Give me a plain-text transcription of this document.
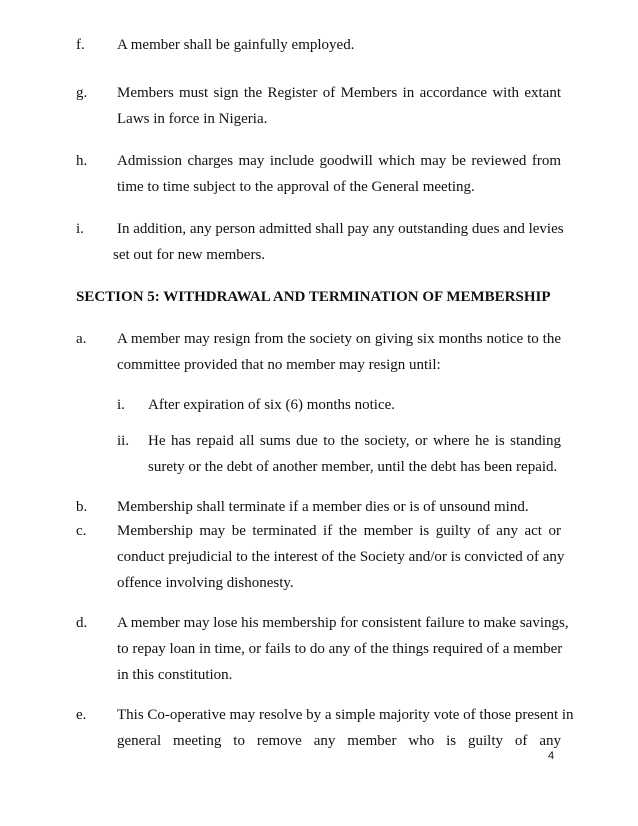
f. A member shall be gainfully employed.
g. Members must sign the Register of Members in accordance with extant
Laws in force in Nigeria.
h. Admission charges may include goodwill which may be reviewed from
time to time subject to the approval of the General meeting.
i. In addition, any person admitted shall pay any outstanding dues and levies
set out for new members.
SECTION 5: WITHDRAWAL AND TERMINATION OF MEMBERSHIP
a. A member may resign from the society on giving six months notice to the
committee provided that no member may resign until:
i. After expiration of six (6) months notice.
ii. He has repaid all sums due to the society, or where he is standing
surety or the debt of another member, until the debt has been repaid.
b. Membership shall terminate if a member dies or is of unsound mind.
c. Membership may be terminated if the member is guilty of any act or
conduct prejudicial to the interest of the Society and/or is convicted of any
offence involving dishonesty.
d. A member may lose his membership for consistent failure to make savings,
to repay loan in time, or fails to do any of the things required of a member
in this constitution.
e. This Co-operative may resolve by a simple majority vote of those present in
general meeting to remove any member who is guilty of any
4
